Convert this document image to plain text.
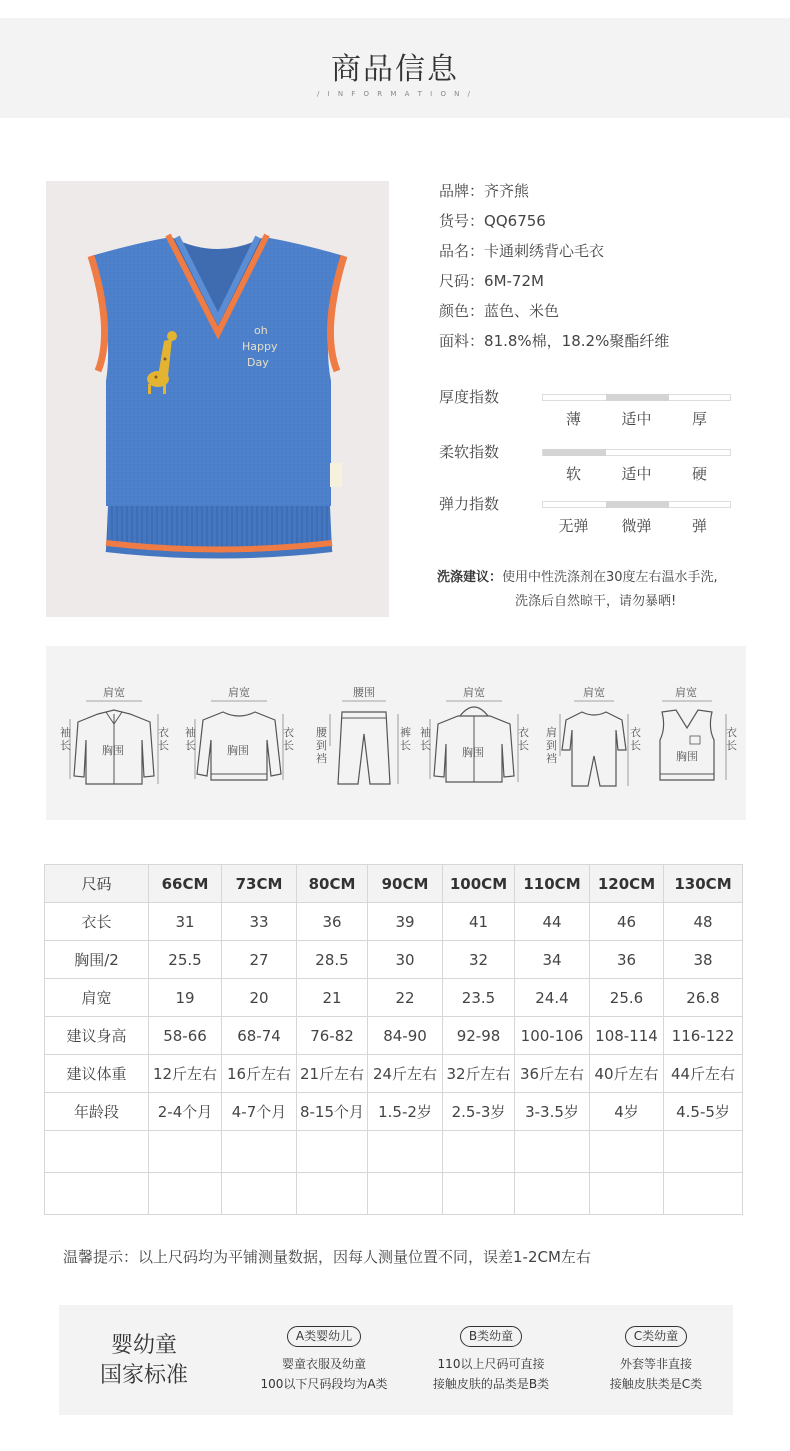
商品信息
/ I N F O R M A T I O N /
oh
Happy
Day
品牌：齐齐熊
货号：QQ6756
品名：卡通刺绣背心毛衣
尺码：6M-72M
颜色：蓝色、米色
面料：81.8%棉，18.2%聚酯纤维
厚度指数
薄	适中	厚
柔软指数
软	适中	硬
弹力指数
无弹	微弹	弹
洗涤建议：使用中性洗涤剂在30度左右温水手洗,
洗涤后自然晾干，请勿暴晒!
肩宽
袖长
衣长
胸围
肩宽
袖长
衣长
胸围
腰围
腰到裆
裤长
肩宽
袖长
衣长
胸围
肩宽
肩到裆
衣长
肩宽
衣长
胸围
尺码	66CM	73CM	80CM	90CM	100CM	110CM	120CM	130CM
衣长	31	33	36	39	41	44	46	48
胸围/2	25.5	27	28.5	30	32	34	36	38
肩宽	19	20	21	22	23.5	24.4	25.6	26.8
建议身高	58-66	68-74	76-82	84-90	92-98	100-106	108-114	116-122
建议体重	12斤左右	16斤左右	21斤左右	24斤左右	32斤左右	36斤左右	40斤左右	44斤左右
年龄段	2-4个月	4-7个月	8-15个月	1.5-2岁	2.5-3岁	3-3.5岁	4岁	4.5-5岁

温馨提示：以上尺码均为平铺测量数据，因每人测量位置不同，误差1-2CM左右
婴幼童
国家标准
A类婴幼儿
婴童衣服及幼童
100以下尺码段均为A类
B类幼童
110以上尺码可直接
接触皮肤的品类是B类
C类幼童
外套等非直接
接触皮肤类是C类
